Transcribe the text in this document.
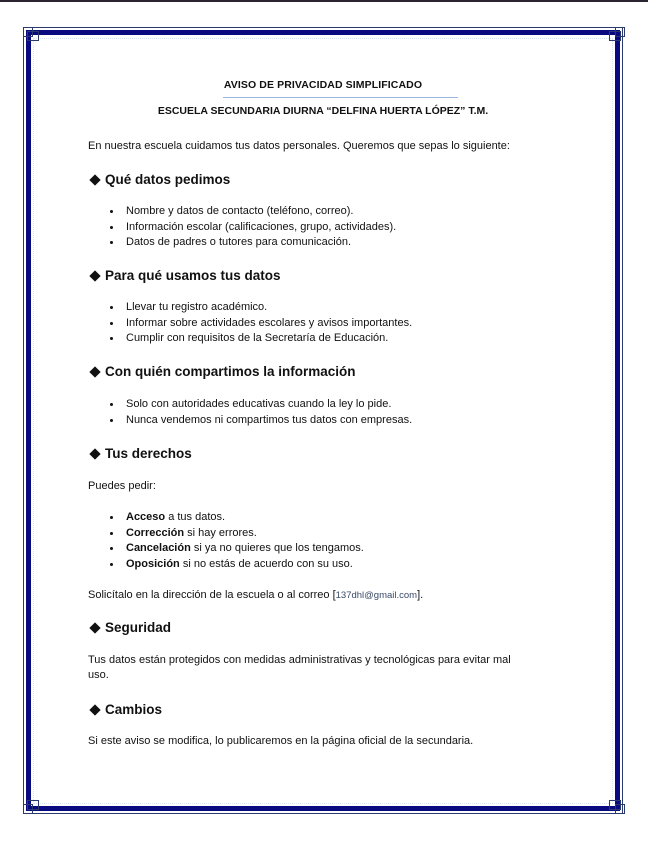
AVISO DE PRIVACIDAD SIMPLIFICADO
ESCUELA SECUNDARIA DIURNA “DELFINA HUERTA LÓPEZ” T.M.
En nuestra escuela cuidamos tus datos personales. Queremos que sepas lo siguiente:
Qué datos pedimos
Nombre y datos de contacto (teléfono, correo).
Información escolar (calificaciones, grupo, actividades).
Datos de padres o tutores para comunicación.
Para qué usamos tus datos
Llevar tu registro académico.
Informar sobre actividades escolares y avisos importantes.
Cumplir con requisitos de la Secretaría de Educación.
Con quién compartimos la información
Solo con autoridades educativas cuando la ley lo pide.
Nunca vendemos ni compartimos tus datos con empresas.
Tus derechos
Puedes pedir:
Acceso a tus datos.
Corrección si hay errores.
Cancelación si ya no quieres que los tengamos.
Oposición si no estás de acuerdo con su uso.
Solicítalo en la dirección de la escuela o al correo [137dhl@gmail.com].
Seguridad
Tus datos están protegidos con medidas administrativas y tecnológicas para evitar mal
uso.
Cambios
Si este aviso se modifica, lo publicaremos en la página oficial de la secundaria.
